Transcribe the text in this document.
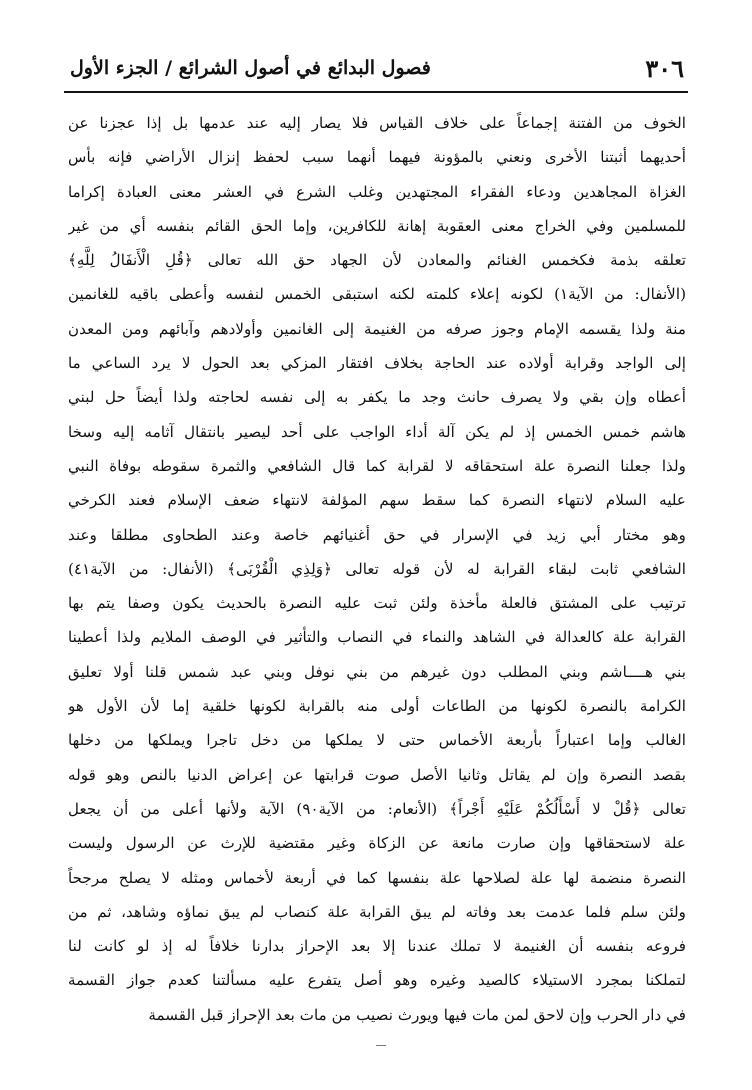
٣٠٦
فصول البدائع في أصول الشرائع / الجزء الأول
الخوف من الفتنة إجماعاً على خلاف القياس فلا يصار إليه عند عدمها بل إذا عجزنا عن
أحديهما أثبتنا الأخرى ونعني بالمؤونة فيهما أنهما سبب لحفظ إنزال الأراضي فإنه بأس
الغزاة المجاهدين ودعاء الفقراء المجتهدين وغلب الشرع في العشر معنى العبادة إكراما
للمسلمين وفي الخراج معنى العقوبة إهانة للكافرين، وإما الحق القائم بنفسه أي من غير
تعلقه بذمة فكخمس الغنائم والمعادن لأن الجهاد حق الله تعالى ﴿قُلِ الْأَنفَالُ لِلَّهِ﴾
(الأنفال: من الآية١) لكونه إعلاء كلمته لكنه استبقى الخمس لنفسه وأعطى باقيه للغانمين
منة ولذا يقسمه الإمام وجوز صرفه من الغنيمة إلى الغانمين وأولادهم وآبائهم ومن المعدن
إلى الواجد وقرابة أولاده عند الحاجة بخلاف افتقار المزكي بعد الحول لا يرد الساعي ما
أعطاه وإن بقي ولا يصرف حانث وجد ما يكفر به إلى نفسه لحاجته ولذا أيضاً حل لبني
هاشم خمس الخمس إذ لم يكن آلة أداء الواجب على أحد ليصير بانتقال آثامه إليه وسخا
ولذا جعلنا النصرة علة استحقاقه لا لقرابة كما قال الشافعي والثمرة سقوطه بوفاة النبي
عليه السلام لانتهاء النصرة كما سقط سهم المؤلفة لانتهاء ضعف الإسلام فعند الكرخي
وهو مختار أبي زيد في الإسرار في حق أغنيائهم خاصة وعند الطحاوى مطلقا وعند
الشافعي ثابت لبقاء القرابة له لأن قوله تعالى ﴿وَلِذِي الْقُرْبَى﴾ (الأنفال: من الآية٤١)
ترتيب على المشتق فالعلة مأخذة ولئن ثبت عليه النصرة بالحديث يكون وصفا يتم بها
القرابة علة كالعدالة في الشاهد والنماء في النصاب والتأثير في الوصف الملايم ولذا أعطينا
بني هــــاشم وبني المطلب دون غيرهم من بني نوفل وبني عبد شمس قلنا أولا تعليق
الكرامة بالنصرة لكونها من الطاعات أولى منه بالقرابة لكونها خلقية إما لأن الأول هو
الغالب وإما اعتباراً بأربعة الأخماس حتى لا يملكها من دخل تاجرا ويملكها من دخلها
بقصد النصرة وإن لم يقاتل وثانيا الأصل صوت قرابتها عن إعراض الدنيا بالنص وهو قوله
تعالى ﴿قُلْ لا أَسْأَلُكُمْ عَلَيْهِ أَجْراً﴾ (الأنعام: من الآية٩٠) الآية ولأنها أعلى من أن يجعل
علة لاستحقاقها وإن صارت مانعة عن الزكاة وغير مقتضية للإرث عن الرسول وليست
النصرة منضمة لها علة لصلاحها علة بنفسها كما في أربعة لأخماس ومثله لا يصلح مرجحاً
ولئن سلم فلما عدمت بعد وفاته لم يبق القرابة علة كنصاب لم يبق نماؤه وشاهد، ثم من
فروعه بنفسه أن الغنيمة لا تملك عندنا إلا بعد الإحراز بدارنا خلافاً له إذ لو كانت لنا
لتملكنا بمجرد الاستيلاء كالصيد وغيره وهو أصل يتفرع عليه مسألتنا كعدم جواز القسمة
في دار الحرب وإن لاحق لمن مات فيها ويورث نصيب من مات بعد الإحراز قبل القسمة
